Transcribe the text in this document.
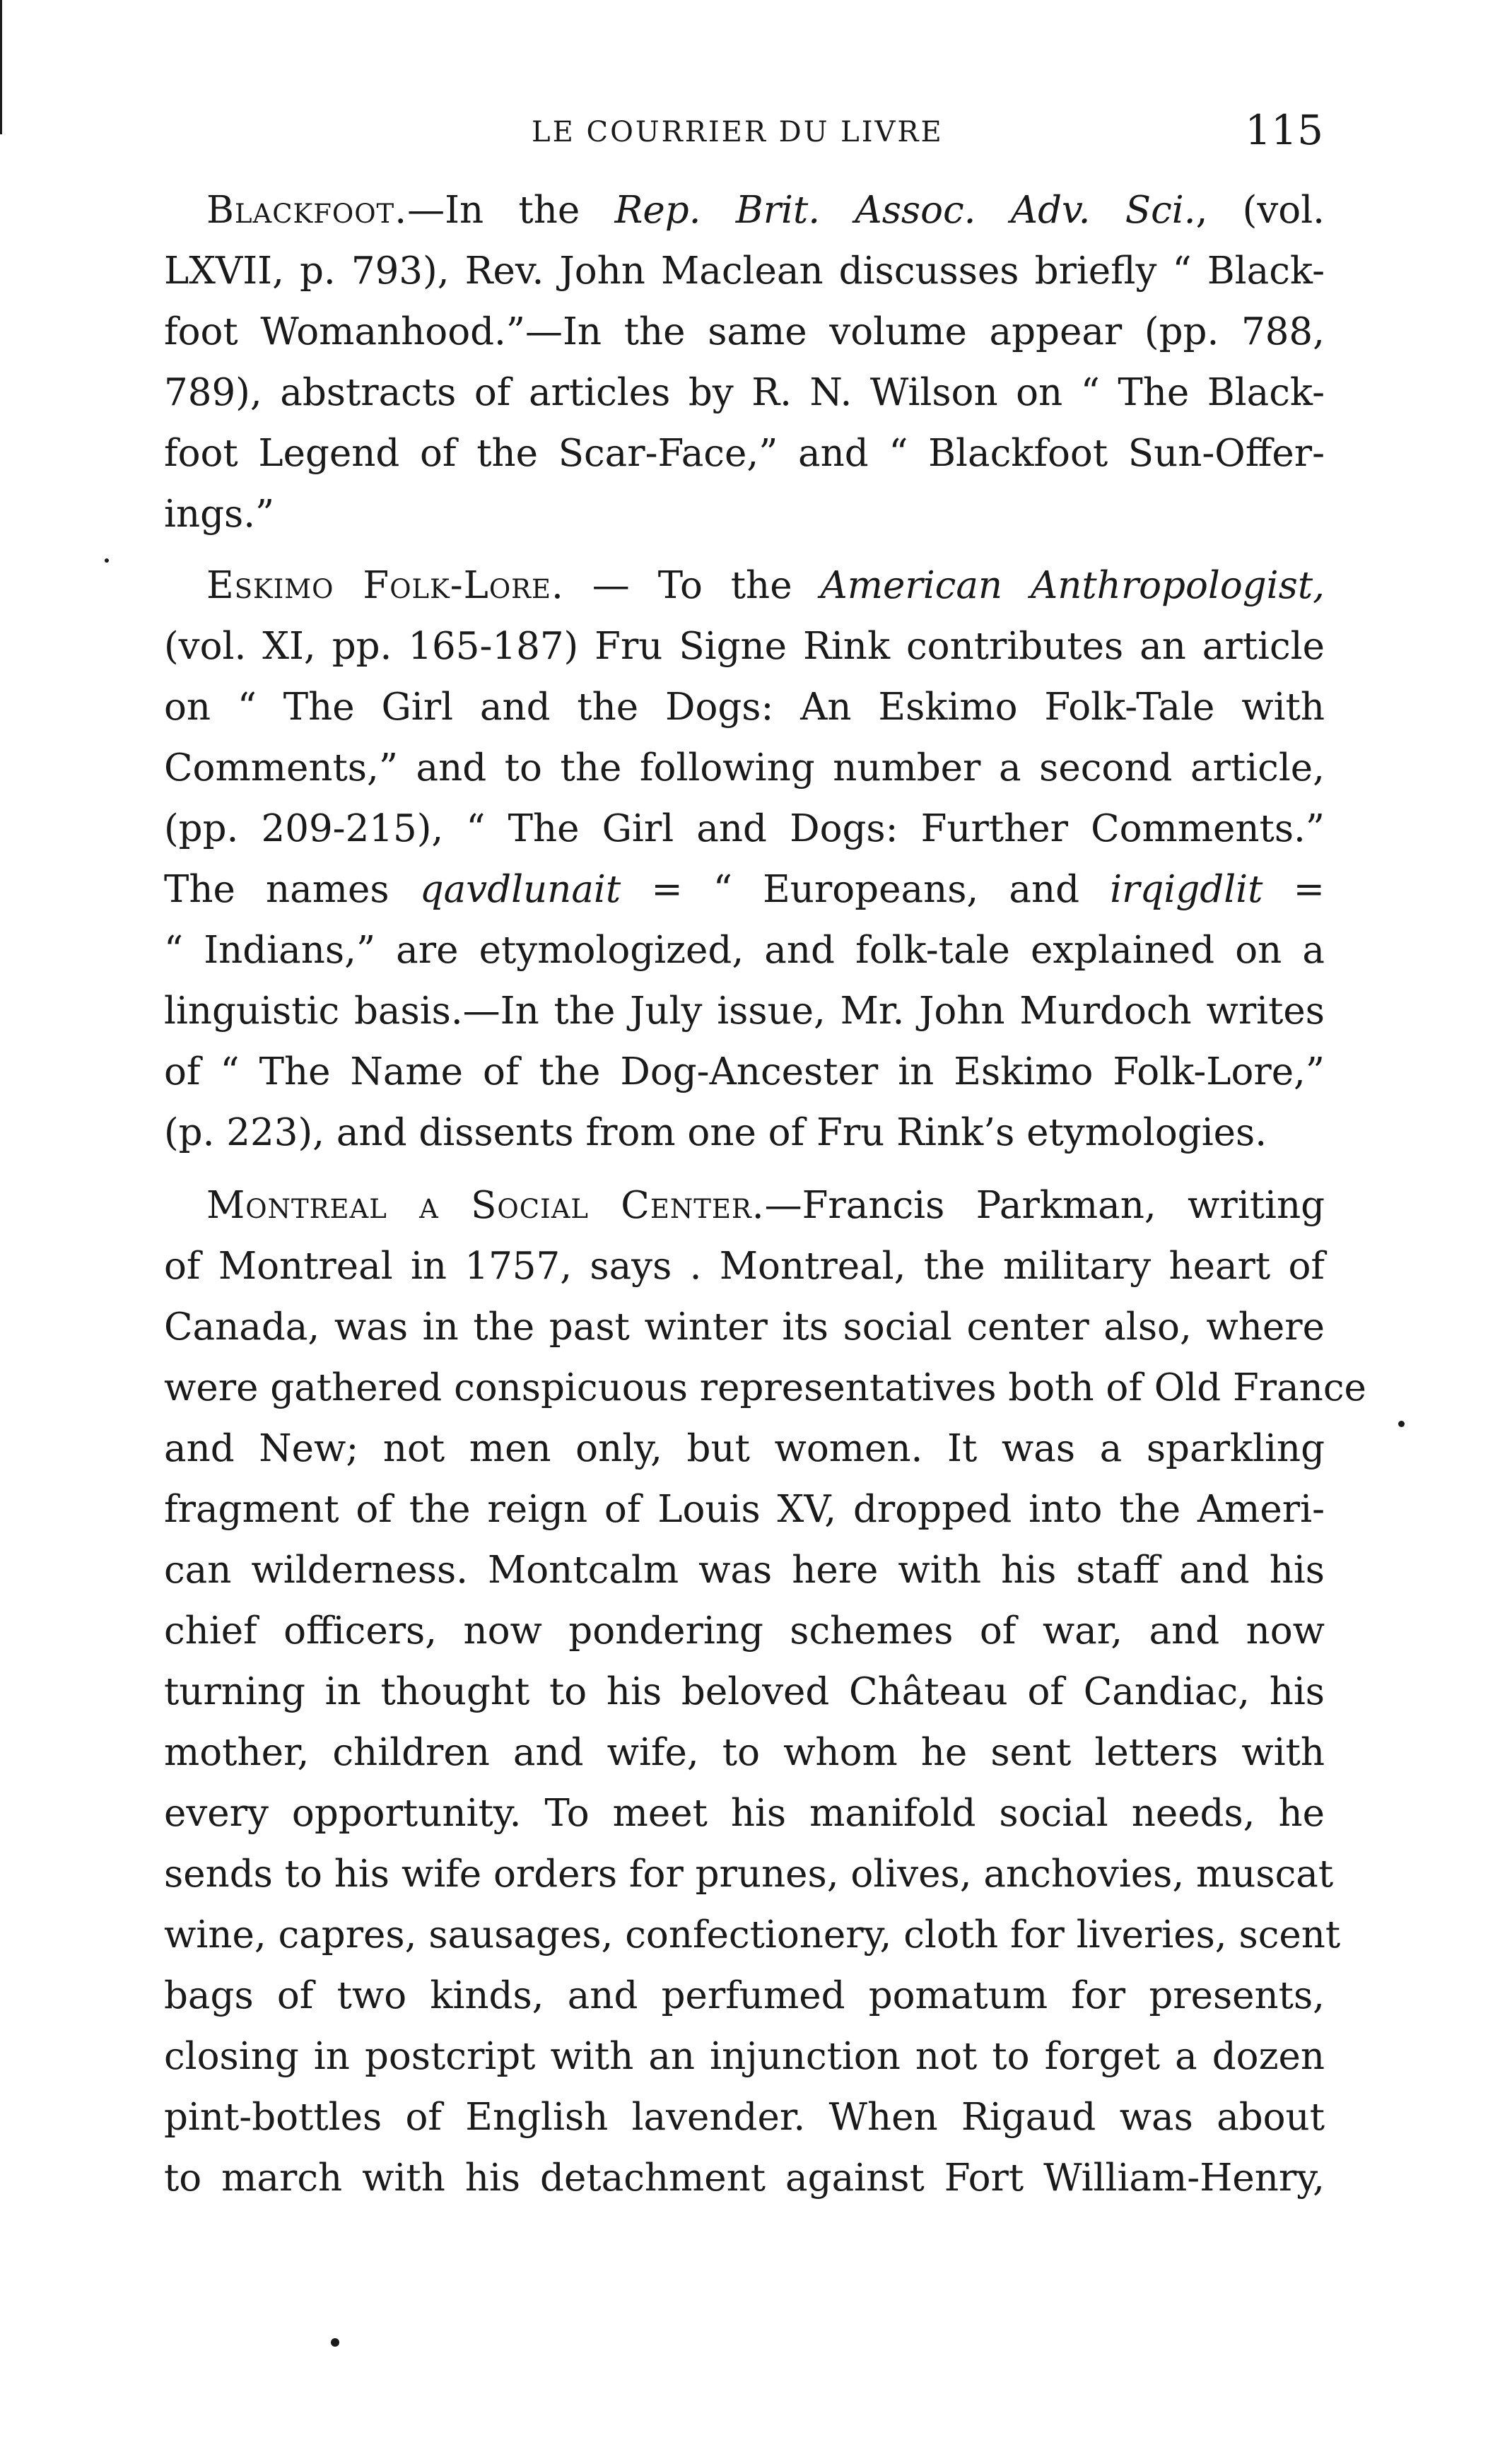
LE COURRIER DU LIVRE	115
Blackfoot.—In the Rep. Brit. Assoc. Adv. Sci., (vol.
LXVII, p. 793), Rev. John Maclean discusses briefly “ Black-
foot Womanhood.”—In the same volume appear (pp. 788,
789), abstracts of articles by R. N. Wilson on “ The Black-
foot Legend of the Scar-Face,” and “ Blackfoot Sun-Offer-
ings.”
Eskimo Folk-Lore. — To the American Anthropologist,
(vol. XI, pp. 165-187) Fru Signe Rink contributes an article
on “ The Girl and the Dogs: An Eskimo Folk-Tale with
Comments,” and to the following number a second article,
(pp. 209-215), “ The Girl and Dogs: Further Comments.”
The names qavdlunait = “ Europeans, and irqigdlit =
“ Indians,” are etymologized, and folk-tale explained on a
linguistic basis.—In the July issue, Mr. John Murdoch writes
of “ The Name of the Dog-Ancester in Eskimo Folk-Lore,”
(p. 223), and dissents from one of Fru Rink’s etymologies.
Montreal a Social Center.—Francis Parkman, writing
of Montreal in 1757, says . Montreal, the military heart of
Canada, was in the past winter its social center also, where
were gathered conspicuous representatives both of Old France
and New; not men only, but women. It was a sparkling
fragment of the reign of Louis XV, dropped into the Ameri-
can wilderness. Montcalm was here with his staff and his
chief officers, now pondering schemes of war, and now
turning in thought to his beloved Château of Candiac, his
mother, children and wife, to whom he sent letters with
every opportunity. To meet his manifold social needs, he
sends to his wife orders for prunes, olives, anchovies, muscat
wine, capres, sausages, confectionery, cloth for liveries, scent
bags of two kinds, and perfumed pomatum for presents,
closing in postcript with an injunction not to forget a dozen
pint-bottles of English lavender. When Rigaud was about
to march with his detachment against Fort William-Henry,
